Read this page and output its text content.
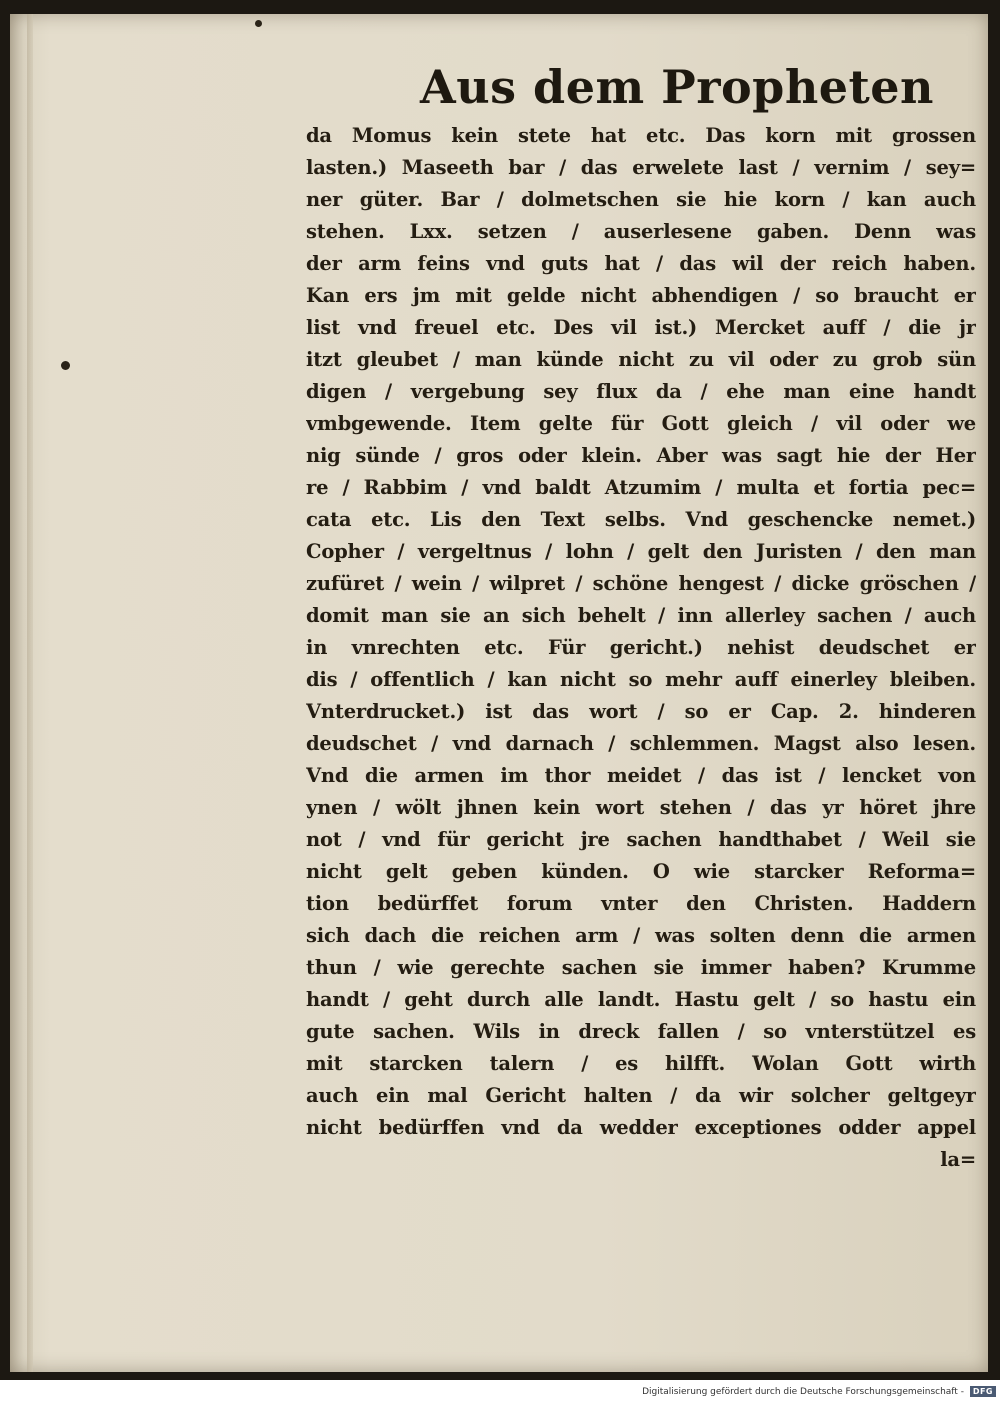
Aus dem Propheten
da Momus kein stete hat etc. Das korn mit grossen
lasten.) Maseeth bar / das erwelete last / vernim / sey=
ner güter. Bar / dolmetschen sie hie korn / kan auch
stehen. Lxx. setzen / auserlesene gaben. Denn was
der arm feins vnd guts hat / das wil der reich haben.
Kan ers jm mit gelde nicht abhendigen / so braucht er
list vnd freuel etc. Des vil ist.) Mercket auff / die jr
itzt gleubet / man künde nicht zu vil oder zu grob sün
digen / vergebung sey flux da / ehe man eine handt
vmbgewende. Item gelte für Gott gleich / vil oder we
nig sünde / gros oder klein. Aber was sagt hie der Her
re / Rabbim / vnd baldt Atzumim / multa et fortia pec=
cata etc. Lis den Text selbs. Vnd geschencke nemet.)
Copher / vergeltnus / lohn / gelt den Juristen / den man
zufüret / wein / wilpret / schöne hengest / dicke gröschen /
domit man sie an sich behelt / inn allerley sachen / auch
in vnrechten etc. Für gericht.) nehist deudschet er
dis / offentlich / kan nicht so mehr auff einerley bleiben.
Vnterdrucket.) ist das wort / so er Cap. 2. hinderen
deudschet / vnd darnach / schlemmen. Magst also lesen.
Vnd die armen im thor meidet / das ist / lencket von
ynen / wölt jhnen kein wort stehen / das yr höret jhre
not / vnd für gericht jre sachen handthabet / Weil sie
nicht gelt geben künden. O wie starcker Reforma=
tion bedürffet forum vnter den Christen. Haddern
sich dach die reichen arm / was solten denn die armen
thun / wie gerechte sachen sie immer haben? Krumme
handt / geht durch alle landt. Hastu gelt / so hastu ein
gute sachen. Wils in dreck fallen / so vnterstützel es
mit starcken talern / es hilfft. Wolan Gott wirth
auch ein mal Gericht halten / da wir solcher geltgeyr
nicht bedürffen vnd da wedder exceptiones odder appel
la=
Digitalisierung gefördert durch die Deutsche Forschungsgemeinschaft - DFG
